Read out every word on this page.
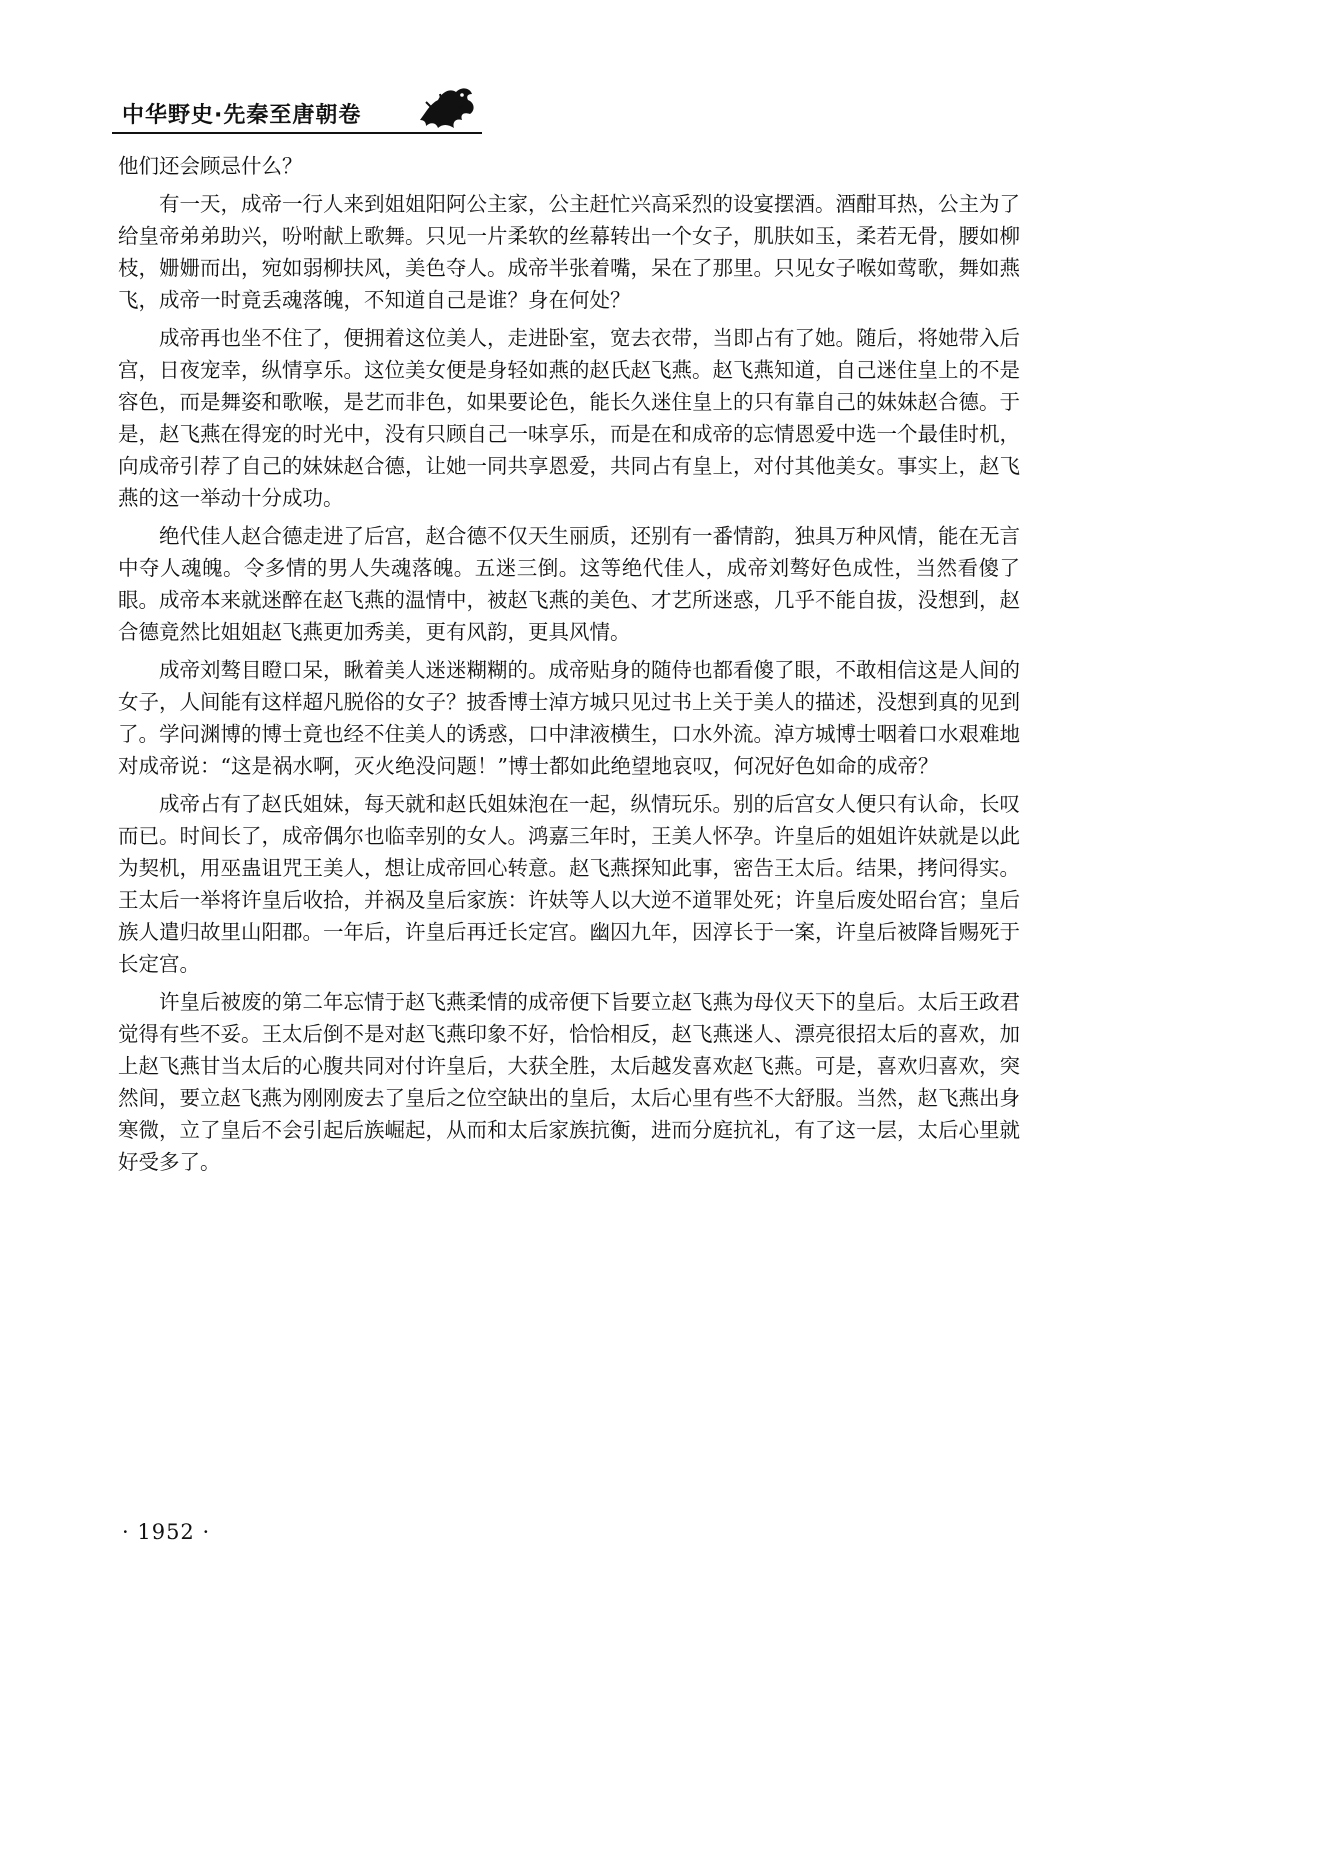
中华野史·先秦至唐朝卷

他们还会顾忌什么？

有一天，成帝一行人来到姐姐阳阿公主家，公主赶忙兴高采烈的设宴摆酒。酒酣耳热，公主为了给皇帝弟弟助兴，吩咐献上歌舞。只见一片柔软的丝幕转出一个女子，肌肤如玉，柔若无骨，腰如柳枝，姗姗而出，宛如弱柳扶风，美色夺人。成帝半张着嘴，呆在了那里。只见女子喉如莺歌，舞如燕飞，成帝一时竟丢魂落魄，不知道自己是谁？身在何处？

成帝再也坐不住了，便拥着这位美人，走进卧室，宽去衣带，当即占有了她。随后，将她带入后宫，日夜宠幸，纵情享乐。这位美女便是身轻如燕的赵氏赵飞燕。赵飞燕知道，自己迷住皇上的不是容色，而是舞姿和歌喉，是艺而非色，如果要论色，能长久迷住皇上的只有靠自己的妹妹赵合德。于是，赵飞燕在得宠的时光中，没有只顾自己一味享乐，而是在和成帝的忘情恩爱中选一个最佳时机，向成帝引荐了自己的妹妹赵合德，让她一同共享恩爱，共同占有皇上，对付其他美女。事实上，赵飞燕的这一举动十分成功。

绝代佳人赵合德走进了后宫，赵合德不仅天生丽质，还别有一番情韵，独具万种风情，能在无言中夺人魂魄。令多情的男人失魂落魄。五迷三倒。这等绝代佳人，成帝刘骜好色成性，当然看傻了眼。成帝本来就迷醉在赵飞燕的温情中，被赵飞燕的美色、才艺所迷惑，几乎不能自拔，没想到，赵合德竟然比姐姐赵飞燕更加秀美，更有风韵，更具风情。

成帝刘骜目瞪口呆，瞅着美人迷迷糊糊的。成帝贴身的随侍也都看傻了眼，不敢相信这是人间的女子，人间能有这样超凡脱俗的女子？披香博士淖方城只见过书上关于美人的描述，没想到真的见到了。学问渊博的博士竟也经不住美人的诱惑，口中津液横生，口水外流。淖方城博士咽着口水艰难地对成帝说：“这是祸水啊，灭火绝没问题！”博士都如此绝望地哀叹，何况好色如命的成帝？

成帝占有了赵氏姐妹，每天就和赵氏姐妹泡在一起，纵情玩乐。别的后宫女人便只有认命，长叹而已。时间长了，成帝偶尔也临幸别的女人。鸿嘉三年时，王美人怀孕。许皇后的姐姐许妋就是以此为契机，用巫蛊诅咒王美人，想让成帝回心转意。赵飞燕探知此事，密告王太后。结果，拷问得实。王太后一举将许皇后收拾，并祸及皇后家族：许妋等人以大逆不道罪处死；许皇后废处昭台宫；皇后族人遣归故里山阳郡。一年后，许皇后再迁长定宫。幽囚九年，因淳长于一案，许皇后被降旨赐死于长定宫。

许皇后被废的第二年忘情于赵飞燕柔情的成帝便下旨要立赵飞燕为母仪天下的皇后。太后王政君觉得有些不妥。王太后倒不是对赵飞燕印象不好，恰恰相反，赵飞燕迷人、漂亮很招太后的喜欢，加上赵飞燕甘当太后的心腹共同对付许皇后，大获全胜，太后越发喜欢赵飞燕。可是，喜欢归喜欢，突然间，要立赵飞燕为刚刚废去了皇后之位空缺出的皇后，太后心里有些不大舒服。当然，赵飞燕出身寒微，立了皇后不会引起后族崛起，从而和太后家族抗衡，进而分庭抗礼，有了这一层，太后心里就好受多了。

· 1952 ·
